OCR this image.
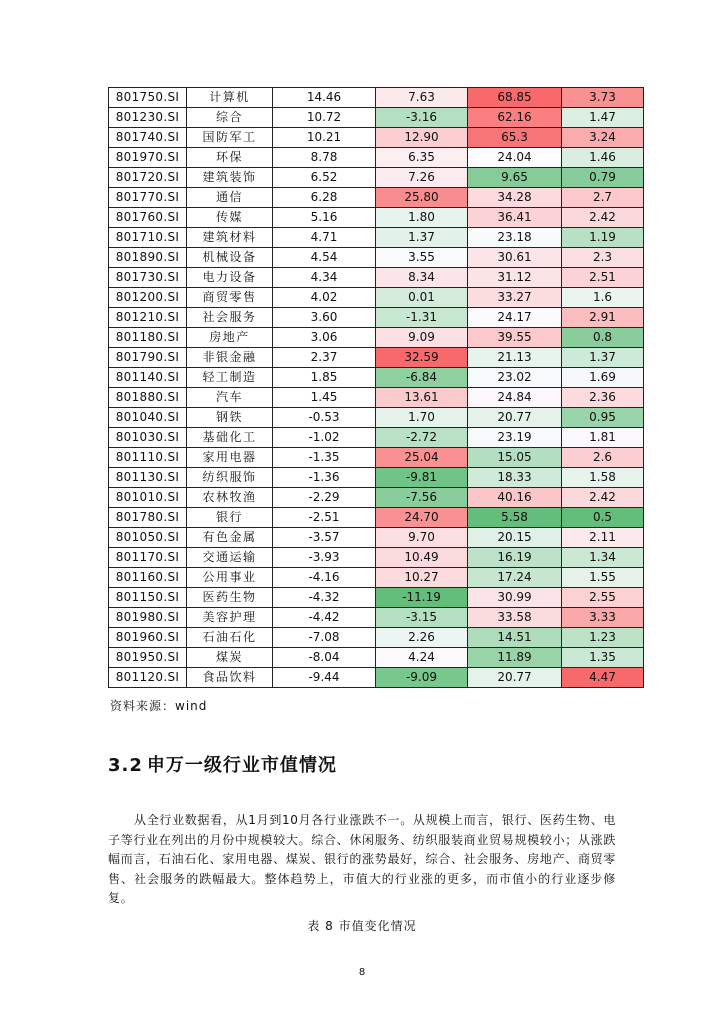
801750.SI	计算机	14.46	7.63	68.85	3.73
801230.SI	综合	10.72	-3.16	62.16	1.47
801740.SI	国防军工	10.21	12.90	65.3	3.24
801970.SI	环保	8.78	6.35	24.04	1.46
801720.SI	建筑装饰	6.52	7.26	9.65	0.79
801770.SI	通信	6.28	25.80	34.28	2.7
801760.SI	传媒	5.16	1.80	36.41	2.42
801710.SI	建筑材料	4.71	1.37	23.18	1.19
801890.SI	机械设备	4.54	3.55	30.61	2.3
801730.SI	电力设备	4.34	8.34	31.12	2.51
801200.SI	商贸零售	4.02	0.01	33.27	1.6
801210.SI	社会服务	3.60	-1.31	24.17	2.91
801180.SI	房地产	3.06	9.09	39.55	0.8
801790.SI	非银金融	2.37	32.59	21.13	1.37
801140.SI	轻工制造	1.85	-6.84	23.02	1.69
801880.SI	汽车	1.45	13.61	24.84	2.36
801040.SI	钢铁	-0.53	1.70	20.77	0.95
801030.SI	基础化工	-1.02	-2.72	23.19	1.81
801110.SI	家用电器	-1.35	25.04	15.05	2.6
801130.SI	纺织服饰	-1.36	-9.81	18.33	1.58
801010.SI	农林牧渔	-2.29	-7.56	40.16	2.42
801780.SI	银行	-2.51	24.70	5.58	0.5
801050.SI	有色金属	-3.57	9.70	20.15	2.11
801170.SI	交通运输	-3.93	10.49	16.19	1.34
801160.SI	公用事业	-4.16	10.27	17.24	1.55
801150.SI	医药生物	-4.32	-11.19	30.99	2.55
801980.SI	美容护理	-4.42	-3.15	33.58	3.33
801960.SI	石油石化	-7.08	2.26	14.51	1.23
801950.SI	煤炭	-8.04	4.24	11.89	1.35
801120.SI	食品饮料	-9.44	-9.09	20.77	4.47
资料来源：wind
3.2 申万一级行业市值情况

从全行业数据看，从1月到10月各行业涨跌不一。从规模上而言，银行、医药生物、电子等行业在列出的月份中规模较大。综合、休闲服务、纺织服装商业贸易规模较小；从涨跌幅而言，石油石化、家用电器、煤炭、银行的涨势最好，综合、社会服务、房地产、商贸零售、社会服务的跌幅最大。整体趋势上，市值大的行业涨的更多，而市值小的行业逐步修复。

表 8 市值变化情况
8
